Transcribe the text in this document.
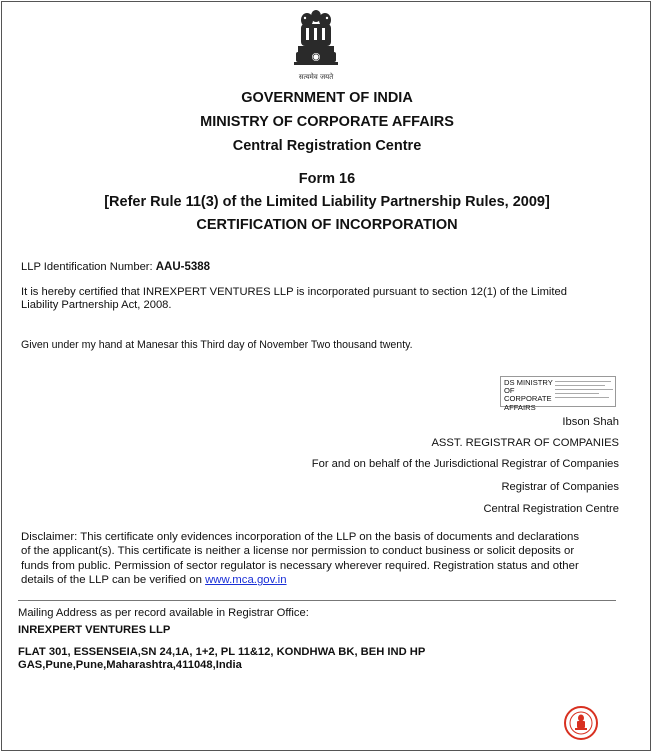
सत्यमेव जयते
GOVERNMENT OF INDIA
MINISTRY OF CORPORATE AFFAIRS
Central Registration Centre
Form 16
[Refer Rule 11(3) of the Limited Liability Partnership Rules, 2009]
CERTIFICATION OF INCORPORATION
LLP Identification Number: AAU-5388
It is hereby certified that INREXPERT VENTURES LLP is incorporated pursuant to section 12(1) of the Limited
Liability Partnership Act, 2008.
Given under my hand at Manesar this Third day of November Two thousand twenty.
DS MINISTRY
OF CORPORATE
AFFAIRS
Ibson Shah
ASST. REGISTRAR OF COMPANIES
For and on behalf of the Jurisdictional Registrar of Companies
Registrar of Companies
Central Registration Centre
Disclaimer: This certificate only evidences incorporation of the LLP on the basis of documents and declarations
of the applicant(s). This certificate is neither a license nor permission to conduct business or solicit deposits or
funds from public. Permission of sector regulator is necessary wherever required. Registration status and other
details of the LLP can be verified on www.mca.gov.in
Mailing Address as per record available in Registrar Office:
INREXPERT VENTURES LLP
FLAT 301, ESSENSEIA,SN 24,1A, 1+2, PL 11&12, KONDHWA BK, BEH IND HP
GAS,Pune,Pune,Maharashtra,411048,India
